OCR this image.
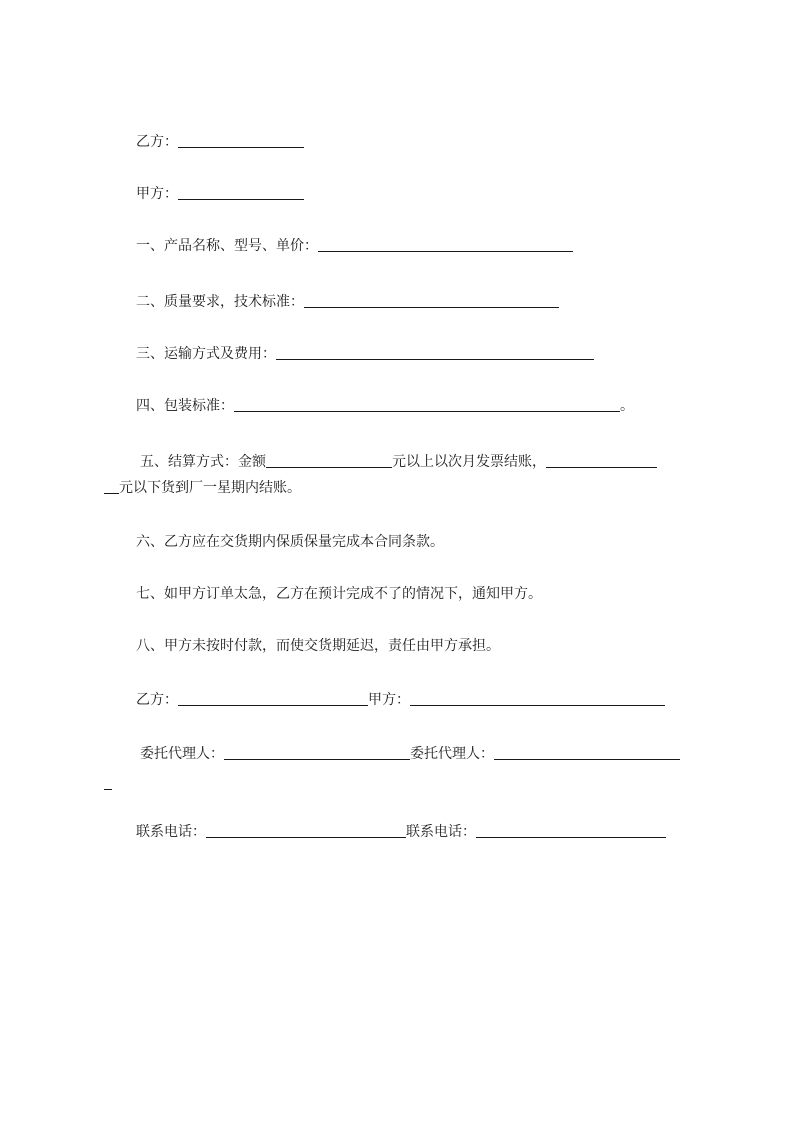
乙方：
甲方：
一、产品名称、型号、单价：
二、质量要求，技术标准：
三、运输方式及费用：
四、包装标准：	。
五、结算方式：金额	元以上以次月发票结账，
元以下货到厂一星期内结账。
六、乙方应在交货期内保质保量完成本合同条款。
七、如甲方订单太急，乙方在预计完成不了的情况下，通知甲方。
八、甲方未按时付款，而使交货期延迟，责任由甲方承担。
乙方：	甲方：
委托代理人：	委托代理人：
联系电话：	联系电话：
